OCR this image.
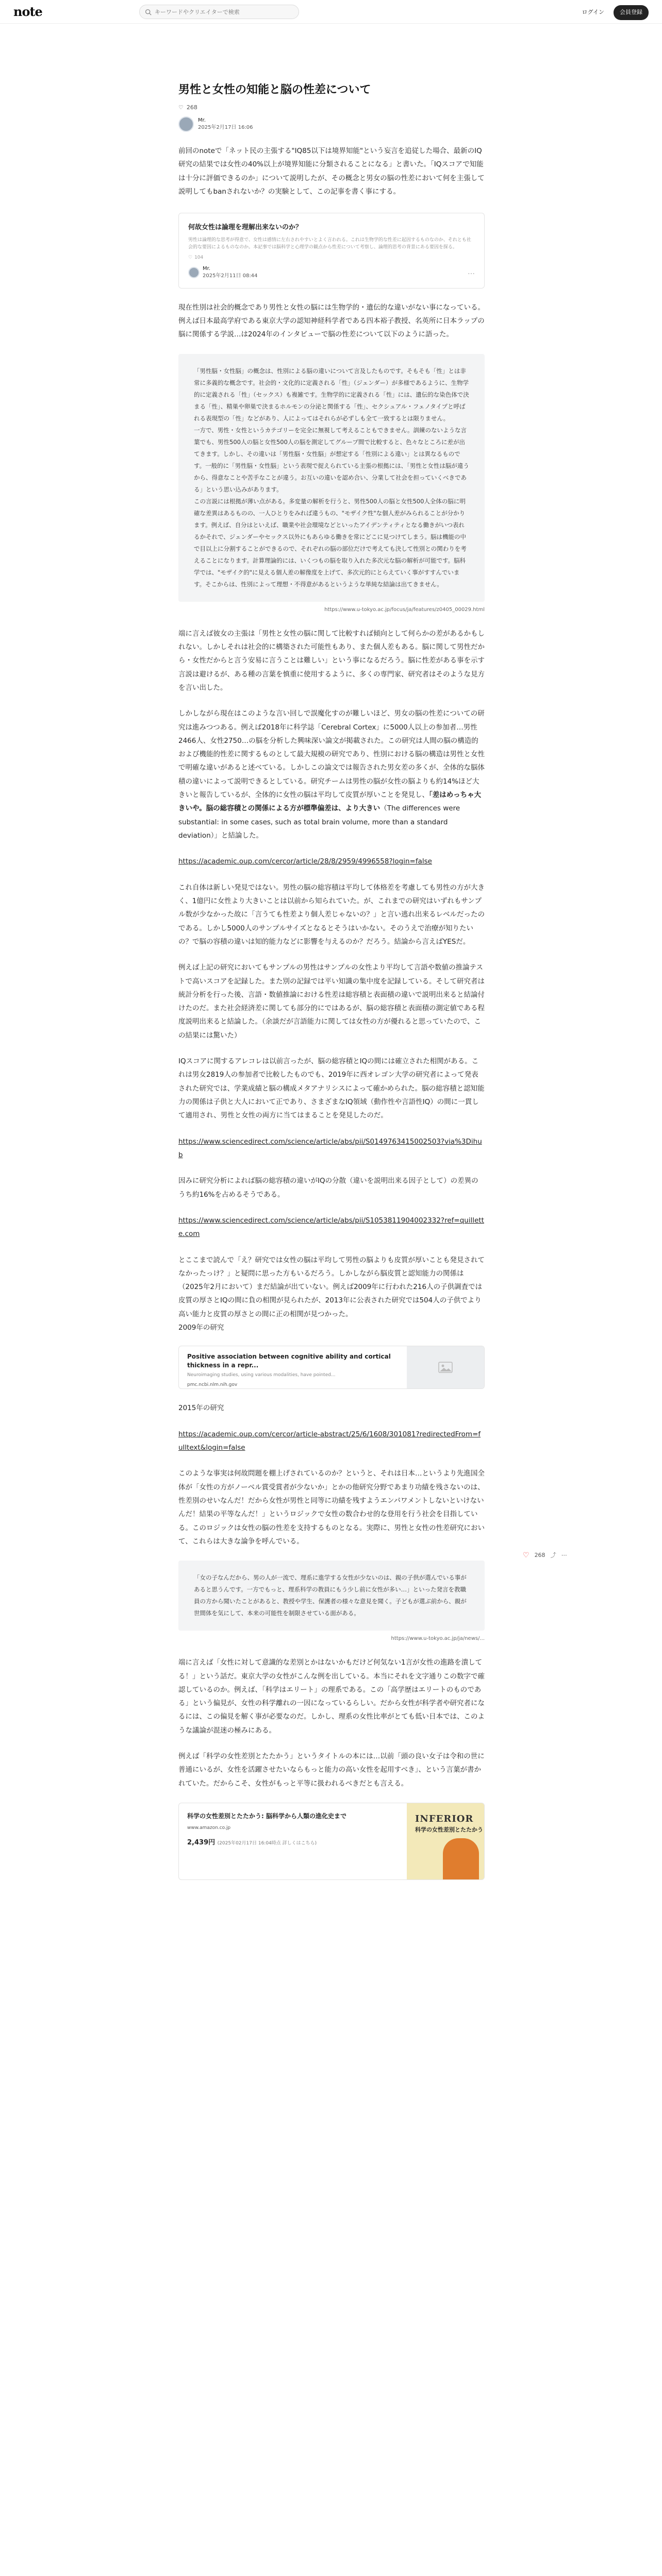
note
キーワードやクリエイターで検索	ログイン	会員登録
男性と女性の知能と脳の性差について
♡ 268
Mr.
2025年2月17日 16:06

前回のnoteで「ネット民の主張する"IQ85以下は境界知能"という妄言を追従した場合、最新のIQ研究の結果では女性の40%以上が境界知能に分類されることになる」と書いた。「IQスコアで知能は十分に評価できるのか」について説明したが、その概念と男女の脳の性差において何を主張して説明してもbanされないか？の実験として、この記事を書く事にする。

何故女性は論理を理解出来ないのか？
男性は論理的な思考が得意で、女性は感情に左右されやすいとよく言われる。これは生物学的な性差に起因するものなのか、それとも社会的な要因によるものなのか。本記事では脳科学と心理学の観点から性差について考察し、論理的思考の背景にある要因を探る。
♡ 104
Mr.
2025年2月11日 08:44	…

現在性別は社会的概念であり男性と女性の脳には生物学的・遺伝的な違いがない事になっている。例えば日本最高学府である東京大学の認知神経科学者である四本裕子教授、名英所に日本ラップの脳に関係する学説…は2024年のインタビューで脳の性差について以下のように語った。

「男性脳・女性脳」の概念は、性別による脳の違いについて言及したものです。そもそも「性」とは非常に多義的な概念です。社会的・文化的に定義される「性」（ジェンダー）が多様であるように、生物学的に定義される「性」（セックス）も複雑です。生物学的に定義される「性」には、遺伝的な染色体で決まる「性」、精巣や卵巣で決まるホルモンの分泌と関係する「性」、セクシュアル・フェノタイプと呼ばれる表現型の「性」などがあり、人によってはそれらが必ずしも全て一致するとは限りません。

一方で、男性・女性というカテゴリーを完全に無視して考えることもできません。訓練のないような言葉でも、男性500人の脳と女性500人の脳を測定してグループ間で比較すると、色々なところに差が出てきます。しかし、その違いは「男性脳・女性脳」が想定する「性別による違い」とは異なるものです。一般的に「男性脳・女性脳」という表現で捉えられている主張の根拠には、「男性と女性は脳が違うから、得意なことや苦手なことが違う。お互いの違いを認め合い、分業して社会を担っていくべきである」という思い込みがあります。

この言説には根拠が薄い点がある。多変量の解析を行うと、男性500人の脳と女性500人全体の脳に明確な差異はあるものの、一人ひとりをみれば違うもの、"モザイク性"な個人差がみられることが分かります。例えば、自分はといえば、職業や社会環境などといったアイデンティティとなる働きがいつ表れるかそれで、ジェンダーやセックス以外にもあらゆる働きを常にどこに見つけてしまう。脳は機能の中で目以上に分割することができるので、それぞれの脳の部位だけで考えても決して性別との関わりを考えることになります。計算理論的には、いくつもの脳を取り入れた多次元な脳の解析が可能です。脳科学では、"モザイク的"に見える個人差の解像度を上げて、多次元的にとらえていく事がすすんでいます。そこからは、性別によって理想・不得意があるというような単純な結論は出てきません。

https://www.u-tokyo.ac.jp/focus/ja/features/z0405_00029.html

端に言えば彼女の主張は「男性と女性の脳に関して比較すれば傾向として何らかの差があるかもしれない。しかしそれは社会的に構築された可能性もあり、また個人差もある。脳に関して男性だから・女性だからと言う安易に言うことは難しい」という事になるだろう。脳に性差がある事を示す言説は避けるが、ある種の言葉を慎重に使用するように、多くの専門家、研究者はそのような見方を言い出した。

しかしながら現在はこのような言い回しで誤魔化すのが難しいほど、男女の脳の性差についての研究は進みつつある。例えば2018年に科学誌「Cerebral Cortex」に5000人以上の参加者…男性2466人、女性2750…の脳を分析した興味深い論文が掲載された。この研究は人間の脳の構造的および機能的性差に関するものとして最大規模の研究であり、性別における脳の構造は男性と女性で明確な違いがあると述べている。しかしこの論文では報告された男女差の多くが、全体的な脳体積の違いによって説明できるとしている。研究チームは男性の脳が女性の脳よりも約14%ほど大きいと報告しているが、全体的に女性の脳は平均して皮質が厚いことを発見し、「差はめっちゃ大きいや。脳の総容積との関係による方が標準偏差は、より大きい（The differences were substantial: in some cases, such as total brain volume, more than a standard deviation）」と結論した。

https://academic.oup.com/cercor/article/28/8/2959/4996558?login=false

これ自体は新しい発見ではない。男性の脳の総容積は平均して体格差を考慮しても男性の方が大きく、1億円に女性より大きいことは以前から知られていた。が、これまでの研究はいずれもサンプル数が少なかった故に「言うても性差より個人差じゃないの？」と言い逃れ出来るレベルだったのである。しかし5000人のサンプルサイズとなるとそうはいかない。そのうえで治療が知りたいの？で脳の容積の違いは知的能力などに影響を与えるのか？だろう。結論から言えばYESだ。

例えば上記の研究においてもサンプルの男性はサンプルの女性より平均して言語や数値の推論テストで高いスコアを記録した。また別の記録では平い知識の集中度を記録している。そして研究者は統計分析を行った後、言語・数値推論における性差は総容積と表面積の違いで説明出来ると結論付けたのだ。また社会経済差に関しても部分的にではあるが、脳の総容積と表面積の測定値である程度説明出来ると結論した。（余談だが言語能力に関しては女性の方が優れると思っていたので、この結果には驚いた）

IQスコアに関するアレコレは以前言ったが、脳の総容積とIQの間には確立された相関がある。これは男女2819人の参加者で比較したものでも、2019年に西オレゴン大学の研究者によって発表された研究では、学業成績と脳の構成メタアナリシスによって確かめられた。脳の総容積と認知能力の関係は子供と大人において正であり、さまざまなIQ領域（動作性や言語性IQ）の間に一貫して適用され、男性と女性の両方に当てはまることを発見したのだ。

https://www.sciencedirect.com/science/article/abs/pii/S0149763415002503?via%3Dihub

因みに研究分析によれば脳の総容積の違いがIQの分散（違いを説明出来る因子として）の差異のうち約16%を占めるそうである。

https://www.sciencedirect.com/science/article/abs/pii/S1053811904002332?ref=quillette.com

とここまで読んで「え？研究では女性の脳は平均して男性の脳よりも皮質が厚いことも発見されてなかったっけ？」と疑問に思った方もいるだろう。しかしながら脳皮質と認知能力の関係は（2025年2月において）まだ結論が出ていない。例えば2009年に行われた216人の子供調査では皮質の厚さとIQの間に負の相関が見られたが、2013年に公表された研究では504人の子供でより高い能力と皮質の厚さとの間に正の相関が見つかった。

2009年の研究

Positive association between cognitive ability and cortical thickness in a repr...
Neuroimaging studies, using various modalities, have pointed...
pmc.ncbi.nlm.nih.gov

2015年の研究

https://academic.oup.com/cercor/article-abstract/25/6/1608/301081?redirectedFrom=fulltext&login=false

このような事実は何故問題を棚上げされているのか？というと、それは日本…というより先進国全体が「女性の方がノーベル賞受賞者が少ないか」とかの他研究分野であまり功績を残さないのは、性差別のせいなんだ！だから女性が男性と同等に功績を残すようエンパワメントしないといけないんだ！結果の平等なんだ！」というロジックで女性の数合わせ的な登用を行う社会を目指している。このロジックは女性の脳の性差を支持するものとなる。実際に、男性と女性の性差研究において、これらは大きな論争を呼んでいる。

「女の子なんだから、男の人が一流で、理系に進学する女性が少ないのは、親の子供が選んでいる事があると思うんです。一方でもっと、理系科学の教員にもう少し前に女性が多い…」といった発言を教職員の方から聞いたことがあると、教授や学生、保護者の様々な意見を聞く。子どもが選ぶ前から、親が世間体を気にして、本来の可能性を制限させている面がある。

https://www.u-tokyo.ac.jp/ja/news/...

端に言えば「女性に対して意識的な差別とかはないかもだけど何気ない1言が女性の進路を潰してる！」という話だ。東京大学の女性がこんな例を出している。本当にそれを文字通りこの数字で確認しているのか。例えば、「科学はエリート」の理系である。この「高学歴はエリートのものである」という偏見が、女性の科学離れの一因になっているらしい。だから女性が科学者や研究者になるには、この偏見を解く事が必要なのだ。しかし、理系の女性比率がとても低い日本では、このような議論が混迷の極みにある。

例えば「科学の女性差別とたたかう」というタイトルの本には…以前「頭の良い女子は令和の世に普通にいるが、女性を活躍させたいならもっと能力の高い女性を起用すべき」、という言葉が書かれていた。だからこそ、女性がもっと平等に扱われるべきだとも言える。

科学の女性差別とたたかう: 脳科学から人類の進化史まで
www.amazon.co.jp
2,439円 (2025年02月17日 16:04時点 詳しくはこちら)
INFERIOR
科学の女性差別とたたかう
♡ 268 ⤴ ⋯
